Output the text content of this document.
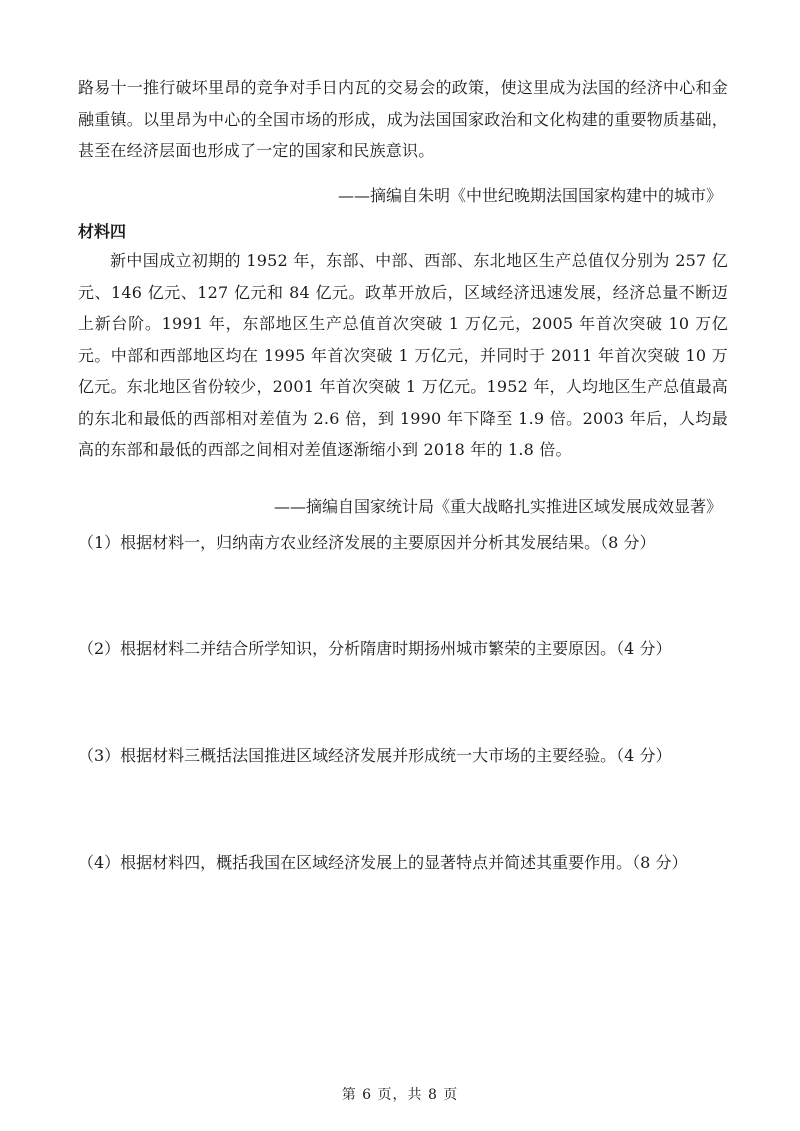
路易十一推行破坏里昂的竞争对手日内瓦的交易会的政策，使这里成为法国的经济中心和金融重镇。以里昂为中心的全国市场的形成，成为法国国家政治和文化构建的重要物质基础，甚至在经济层面也形成了一定的国家和民族意识。
——摘编自朱明《中世纪晚期法国国家构建中的城市》
材料四
新中国成立初期的 1952 年，东部、中部、西部、东北地区生产总值仅分别为 257 亿元、146 亿元、127 亿元和 84 亿元。政革开放后，区域经济迅速发展，经济总量不断迈上新台阶。1991 年，东部地区生产总值首次突破 1 万亿元，2005 年首次突破 10 万亿元。中部和西部地区均在 1995 年首次突破 1 万亿元，并同时于 2011 年首次突破 10 万亿元。东北地区省份较少，2001 年首次突破 1 万亿元。1952 年，人均地区生产总值最高的东北和最低的西部相对差值为 2.6 倍，到 1990 年下降至 1.9 倍。2003 年后，人均最高的东部和最低的西部之间相对差值逐渐缩小到 2018 年的 1.8 倍。
——摘编自国家统计局《重大战略扎实推进区域发展成效显著》
（1）根据材料一，归纳南方农业经济发展的主要原因并分析其发展结果。（8 分）
（2）根据材料二并结合所学知识，分析隋唐时期扬州城市繁荣的主要原因。（4 分）
（3）根据材料三概括法国推进区域经济发展并形成统一大市场的主要经验。（4 分）
（4）根据材料四，概括我国在区域经济发展上的显著特点并简述其重要作用。（8 分）
第 6 页，共 8 页
